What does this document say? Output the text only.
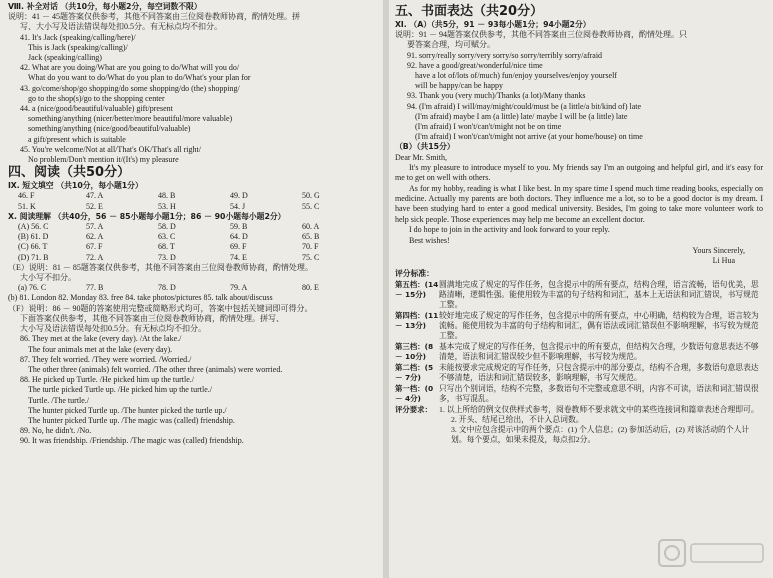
Ⅷ. 补全对话 （共10分，每小题2分，每空词数不限）
说明：41 － 45题答案仅供参考，其他不同答案由三位阅卷教师协商，酌情处理。拼
写、大小写及语法错误每处扣0.5分。有无标点均不扣分。
41. It's Jack (speaking/calling/here)/
This is Jack (speaking/calling)/
Jack (speaking/calling)
42. What are you doing/What are you going to do/What will you do/
What do you want to do/What do you plan to do/What's your plan for
43. go/come/shop/go shopping/do some shopping/do (the) shopping/
go to the shop(s)/go to the shopping center
44. a (nice/good/beautiful/valuable) gift/present
something/anything (nicer/better/more beautiful/more valuable)
something/anything (nice/good/beautiful/valuable)
a gift/present which is suitable
45. You're welcome/Not at all/That's OK/That's all right/
No problem/Don't mention it/(It's) my pleasure
四、阅读（共50分）
Ⅸ. 短文填空 （共10分，每小题1分）
46. F	47. A	48. B	49. D	50. G
51. K	52. E	53. H	54. J	55. C
Ⅹ. 阅读理解 （共40分，56 － 85小题每小题1分；86 － 90小题每小题2分）
(A) 56. C	57. A	58. D	59. B	60. A
(B) 61. D	62. A	63. C	64. D	65. B
(C) 66. T	67. F	68. T	69. F	70. F
(D) 71. B	72. A	73. D	74. E	75. C
（E）说明：81 － 85题答案仅供参考，其他不同答案由三位阅卷教师协商，酌情处理。
大小写不扣分。
(a) 76. C	77. B	78. D	79. A	80. E
(b) 81. London 82. Monday 83. free 84. take photos/pictures 85. talk about/discuss
（F）说明：86 － 90题的答案使用完整或简略形式均可，答案中包括关键词即可得分。
下面答案仅供参考，其他不同答案由三位阅卷教师协商，酌情处理。拼写、
大小写及语法错误每处扣0.5分。有无标点均不扣分。
86. They met at the lake (every day). /At the lake./
The four animals met at the lake (every day).
87. They felt worried. /They were worried. /Worried./
The other three (animals) felt worried. /The other three (animals) were worried.
88. He picked up Turtle. /He picked him up the turtle./
The turtle picked Turtle up. /He picked him up the turtle./
Turtle. /The turtle./
The hunter picked Turtle up. /The hunter picked the turtle up./
The hunter picked Turtle up. /The magic was (called) friendship.
89. No, he didn't. /No.
90. It was friendship. /Friendship. /The magic was (called) friendship.
五、书面表达（共20分）
Ⅺ. （A）（共5分，91 － 93每小题1分；94小题2分）
说明：91 － 94题答案仅供参考，其他不同答案由三位阅卷教师协商，酌情处理。只
要答案合理，均可赋分。
91. sorry/really sorry/very sorry/so sorry/terribly sorry/afraid
92. have a good/great/wonderful/nice time
have a lot of/lots of/much) fun/enjoy yourselves/enjoy yourself
will be happy/can be happy
93. Thank you (very much)/Thanks (a lot)/Many thanks
94. (I'm afraid) I will/may/might/could/must be (a little/a bit/kind of) late
(I'm afraid) maybe I am (a little) late/ maybe I will be (a little) late
(I'm afraid) I won't/can't/might not be on time
(I'm afraid) I won't/can't/might not arrive (at your home/house) on time
（B）（共15分）
Dear Mr. Smith,
It's my pleasure to introduce myself to you. My friends say I'm an outgoing and helpful girl, and it's easy for me to get on well with others.
As for my hobby, reading is what I like best. In my spare time I spend much time reading books, especially on medicine. Actually my parents are both doctors. They influence me a lot, so to be a good doctor is my dream. I have been studying hard to enter a good medical university. Besides, I'm going to take more volunteer work to help sick people. Those experiences may help me become an excellent doctor.
I do hope to join in the activity and look forward to your reply.
Best wishes!
Yours Sincerely,
Li Hua
评分标准：
第五档：(14 － 15分)
圆满地完成了规定的写作任务，包含提示中的所有要点，结构合理，语言流畅，语句优美，思路清晰，逻辑性强。能使用较为丰富的句子结构和词汇，基本上无语法和词汇错误，书写规范工整。
第四档：(11 － 13分)
较好地完成了规定的写作任务，包含提示中的所有要点，中心明确，结构较为合理，语言较为流畅。能使用较为丰富的句子结构和词汇，偶有语法或词汇错误但不影响理解，书写较为规范工整。
第三档：(8 － 10分)
基本完成了规定的写作任务，包含提示中的所有要点，但结构欠合理，少数语句意思表达不够清楚，语法和词汇错误较少但不影响理解，书写较为规范。
第二档：(5 － 7分)
未能按要求完成规定的写作任务，只包含提示中的部分要点，结构不合理，多数语句意思表达不够清楚，语法和词汇错误较多，影响理解，书写欠规范。
第一档：(0 － 4分)
只写出个别词语，结构不完整，多数语句不完整或意思不明，内容不可读，语法和词汇错误很多，书写混乱。
评分要求： 1. 以上所给的例文仅供样式参考，阅卷教师不要求就文中的某些连接词和篇章表述合理即可。
2. 开头、结尾已给出，不计入总词数。
3. 文中应包含提示中的两个要点：(1) 个人信息；(2) 参加活动后，(2) 对该活动的个人计划。每个要点，如果未提及，每点扣2分。
